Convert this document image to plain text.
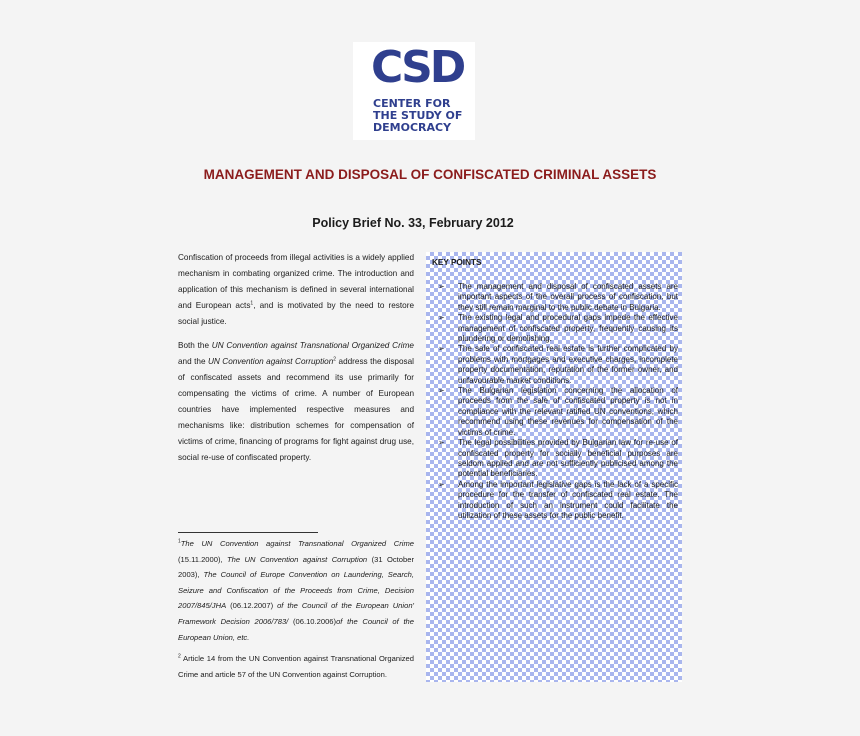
CSD
CENTER FOR
THE STUDY OF
DEMOCRACY
MANAGEMENT AND DISPOSAL OF CONFISCATED CRIMINAL ASSETS
Policy Brief No. 33, February 2012

Confiscation of proceeds from illegal activities is a widely applied mechanism in combating organized crime. The introduction and application of this mechanism is defined in several international and European acts$^1$, and is motivated by the need to restore social justice.

Both the UN Convention against Transnational Organized Crime and the UN Convention against Corruption$^2$ address the disposal of confiscated assets and recommend its use primarily for compensating the victims of crime. A number of European countries have implemented respective measures and mechanisms like: distribution schemes for compensation of victims of crime, financing of programs for fight against drug use, social re-use of confiscated property.

$^1$The UN Convention against Transnational Organized Crime (15.11.2000), The UN Convention against Corruption (31 October 2003), The Council of Europe Convention on Laundering, Search, Seizure and Confiscation of the Proceeds from Crime, Decision 2007/845/JHA (06.12.2007) of the Council of the European Union' Framework Decision 2006/783/ (06.10.2006)of the Council of the European Union, etc.

$^2$ Article 14 from the UN Convention against Transnational Organized Crime and article 57 of the UN Convention against Corruption.

KEY POINTS
➢ The management and disposal of confiscated assets are important aspects of the overall process of confiscation, but they still remain marginal to the public debate in Bulgaria.
➢ The existing legal and procedural gaps impede the effective management of confiscated property, frequently causing its plundering or demolishing.
➢ The sale of confiscated real estate is further complicated by problems with mortgages and executive charges, incomplete property documentation, reputation of the former owner, and unfavourable market conditions.
➢ The Bulgarian legislation concerning the allocation of proceeds from the sale of confiscated property is not in compliance with the relevant ratified UN conventions, which recommend using these revenues for compensation of the victims of crime.
➢ The legal possibilities provided by Bulgarian law for re-use of confiscated property for socially beneficial purposes are seldom applied and are not sufficiently publicised among the potential beneficiaries.
➢ Among the important legislative gaps is the lack of a specific procedure for the transfer of confiscated real estate. The introduction of such an instrument could facilitate the utilization of these assets for the public benefit.
